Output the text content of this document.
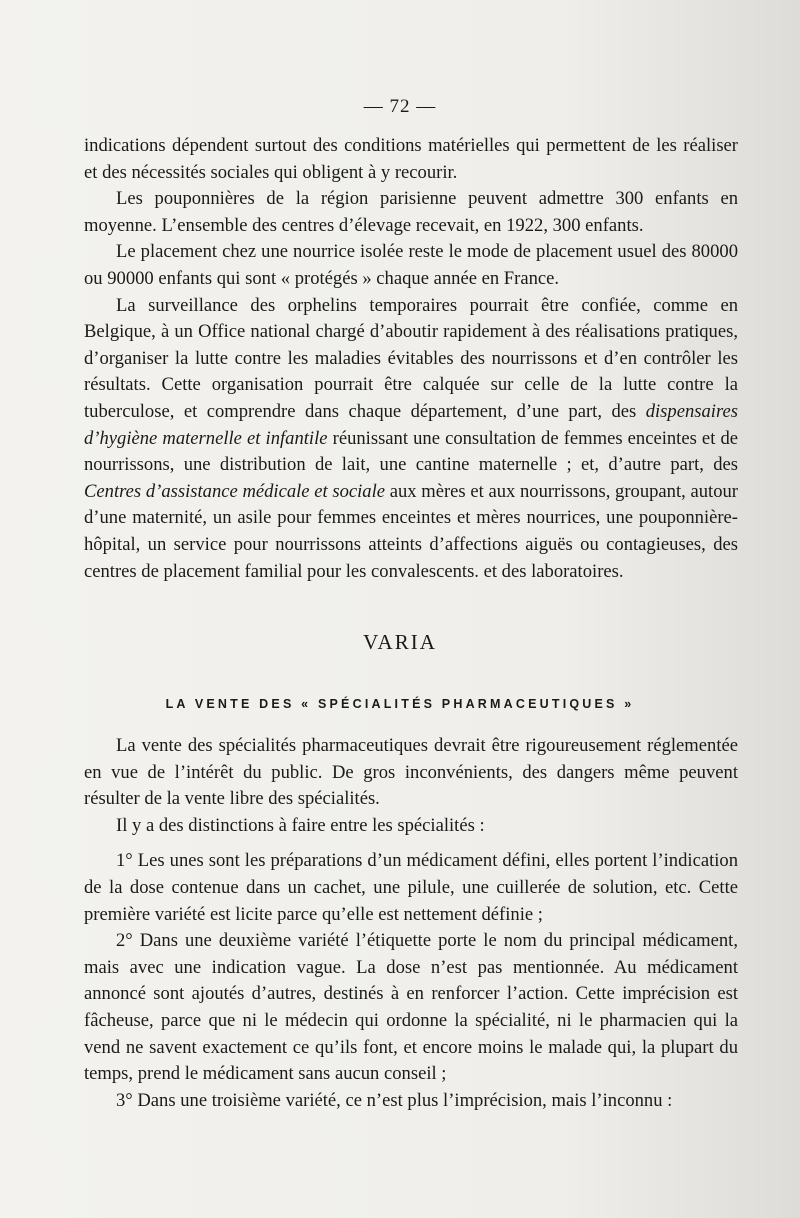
— 72 —

indications dépendent surtout des conditions matérielles qui permettent de les réaliser et des nécessités sociales qui obligent à y recourir.

Les pouponnières de la région parisienne peuvent admettre 300 enfants en moyenne. L’ensemble des centres d’élevage recevait, en 1922, 300 enfants.

Le placement chez une nourrice isolée reste le mode de placement usuel des 80000 ou 90000 enfants qui sont « protégés » chaque année en France.

La surveillance des orphelins temporaires pourrait être confiée, comme en Belgique, à un Office national chargé d’aboutir rapidement à des réalisations pratiques, d’organiser la lutte contre les maladies évitables des nourrissons et d’en contrôler les résultats. Cette organisation pourrait être calquée sur celle de la lutte contre la tuberculose, et comprendre dans chaque département, d’une part, des dispensaires d’hygiène maternelle et infantile réunissant une consultation de femmes enceintes et de nourrissons, une distribution de lait, une cantine maternelle ; et, d’autre part, des Centres d’assistance médicale et sociale aux mères et aux nourrissons, groupant, autour d’une maternité, un asile pour femmes enceintes et mères nourrices, une pouponnière-hôpital, un service pour nourrissons atteints d’affections aiguës ou contagieuses, des centres de placement familial pour les convalescents. et des laboratoires.

VARIA
LA VENTE DES « SPÉCIALITÉS PHARMACEUTIQUES »

La vente des spécialités pharmaceutiques devrait être rigoureusement réglementée en vue de l’intérêt du public. De gros inconvénients, des dangers même peuvent résulter de la vente libre des spécialités.

Il y a des distinctions à faire entre les spécialités :

1° Les unes sont les préparations d’un médicament défini, elles portent l’indication de la dose contenue dans un cachet, une pilule, une cuillerée de solution, etc. Cette première variété est licite parce qu’elle est nettement définie ;

2° Dans une deuxième variété l’étiquette porte le nom du principal médicament, mais avec une indication vague. La dose n’est pas mentionnée. Au médicament annoncé sont ajoutés d’autres, destinés à en renforcer l’action. Cette imprécision est fâcheuse, parce que ni le médecin qui ordonne la spécialité, ni le pharmacien qui la vend ne savent exactement ce qu’ils font, et encore moins le malade qui, la plupart du temps, prend le médicament sans aucun conseil ;

3° Dans une troisième variété, ce n’est plus l’imprécision, mais l’inconnu :
